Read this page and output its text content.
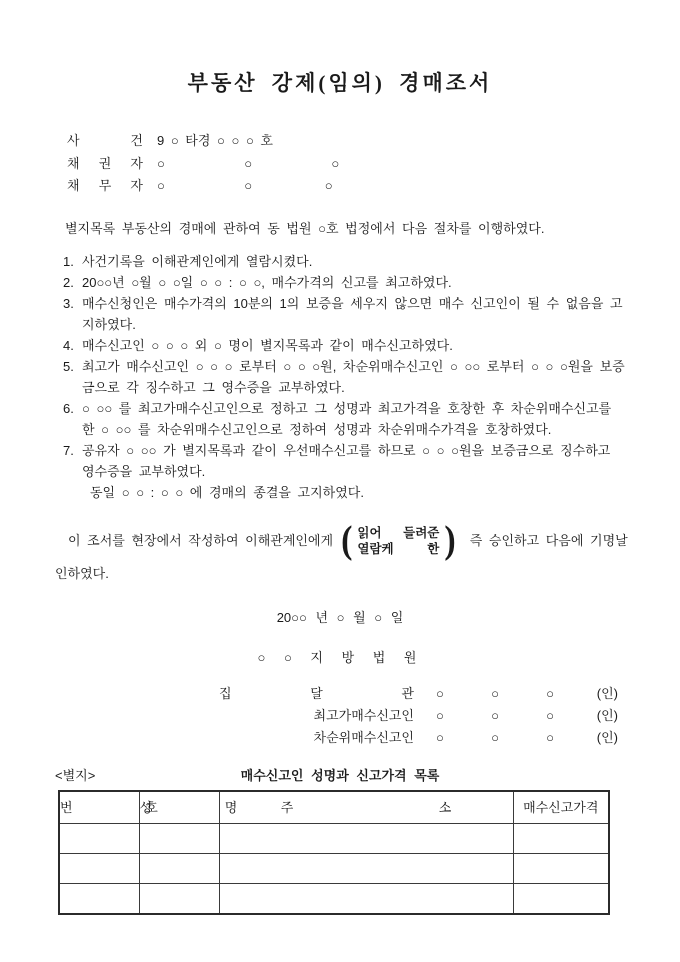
부동산 강제(임의) 경매조서
사 건 9 ○ 타경 ○ ○ ○ 호
채 권 자 ○            ○            ○
채 무 자 ○            ○           ○
별지목록 부동산의 경매에 관하여 동 법원 ○호 법정에서 다음 절차를 이행하였다.
1. 사건기록을 이해관계인에게 열람시켰다.
2. 20○○년 ○월 ○ ○일 ○ ○ : ○ ○, 매수가격의 신고를 최고하였다.
3. 매수신청인은 매수가격의 10분의 1의 보증을 세우지 않으면 매수 신고인이 될 수 없음을 고지하였다.
4. 매수신고인 ○ ○ ○ 외 ○ 명이 별지목록과 같이 매수신고하였다.
5. 최고가 매수신고인 ○ ○ ○ 로부터 ○ ○ ○원, 차순위매수신고인 ○ ○○ 로부터 ○ ○ ○원을 보증금으로 각 징수하고 그 영수증을 교부하였다.
6. ○ ○○ 를 최고가매수신고인으로 정하고 그 성명과 최고가격을 호창한 후 차순위매수신고를 한 ○ ○○ 를 차순위매수신고인으로 정하여 성명과 차순위매수가격을 호창하였다.
7. 공유자 ○ ○○ 가 별지목록과 같이 우선매수신고를 하므로 ○ ○ ○원을 보증금으로 징수하고 영수증을 교부하였다.
동일 ○ ○ : ○ ○ 에 경매의 종결을 고지하였다.
이 조서를 현장에서 작성하여 이해관계인에게 ( 읽어 들려준
열람케 한 ) 즉 승인하고 다음에 기명날
인하였다.
20○○ 년 ○ 월 ○ 일
○ ○ 지 방 법 원
집 달 관 ○ ○ ○	(인)
최고가매수신고인 ○ ○ ○	(인)
차순위매수신고인 ○ ○ ○	(인)
<별지>	매수신고인 성명과 신고가격 목록
번           호	성           명	주                      소	매수신고가격
